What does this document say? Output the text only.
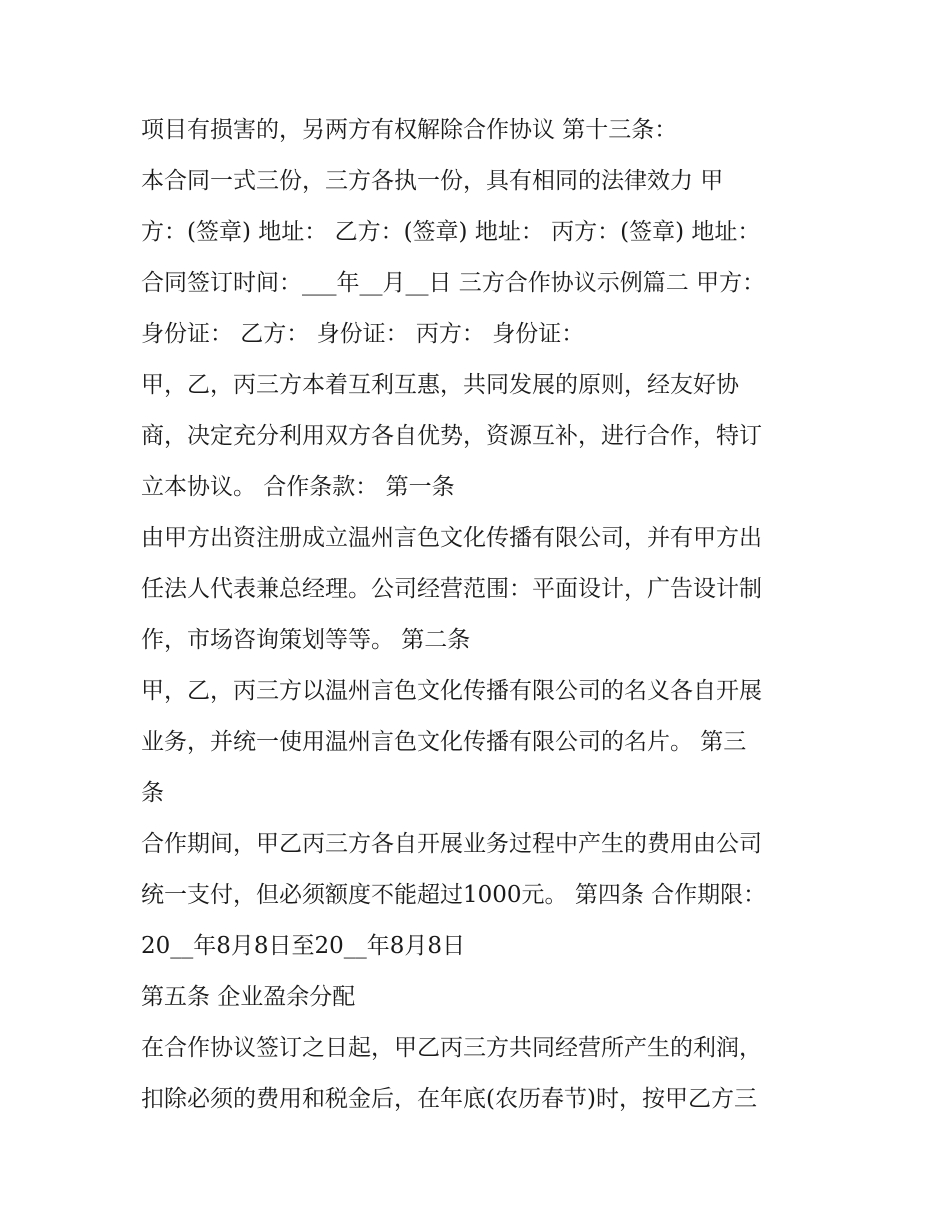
项目有损害的，另两方有权解除合作协议 第十三条：

本合同一式三份，三方各执一份，具有相同的法律效力 甲

方：(签章) 地址： 乙方：(签章) 地址： 丙方：(签章) 地址：

合同签订时间：___年__月__日 三方合作协议示例篇二 甲方：

身份证： 乙方： 身份证： 丙方： 身份证：

甲，乙，丙三方本着互利互惠，共同发展的原则，经友好协

商，决定充分利用双方各自优势，资源互补，进行合作，特订

立本协议。 合作条款： 第一条

由甲方出资注册成立温州言色文化传播有限公司，并有甲方出

任法人代表兼总经理。公司经营范围：平面设计，广告设计制

作，市场咨询策划等等。 第二条

甲，乙，丙三方以温州言色文化传播有限公司的名义各自开展

业务，并统一使用温州言色文化传播有限公司的名片。 第三

条

合作期间，甲乙丙三方各自开展业务过程中产生的费用由公司

统一支付，但必须额度不能超过1000元。 第四条 合作期限：

20__年8月8日至20__年8月8日

第五条 企业盈余分配

在合作协议签订之日起，甲乙丙三方共同经营所产生的利润，

扣除必须的费用和税金后，在年底(农历春节)时，按甲乙方三
